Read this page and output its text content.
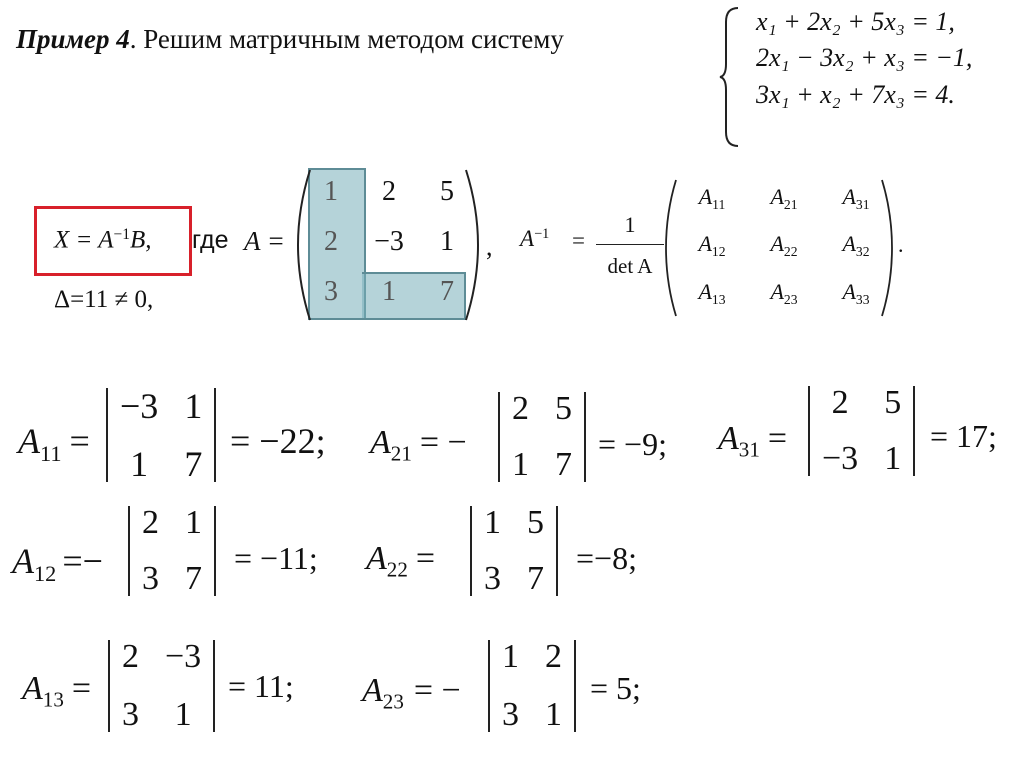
Пример 4. Решим матричным методом систему
x₁ + 2x₂ + 5x₃ = 1,
2x₁ − 3x₂ + x₃ = −1,
3x₁ + x₂ + 7x₃ = 4.
$X = A^{-1}B$, где
Δ=11 ≠ 0,
A =
1	2	5
2	−3	1
3	1	7
, $A^{-1}$ =
1
det A
.
$A_{11}$	$A_{21}$	$A_{31}$
$A_{12}$	$A_{22}$	$A_{32}$
$A_{13}$	$A_{23}$	$A_{33}$
$A_{11}$ =
−3 1
1 7
= −22; $A_{21}$ = −
2 5
1 7
= −9; $A_{31}$ =
2 5
−3 1
= 17;
$A_{12}$ =−
2 1
3 7
= −11; $A_{22}$ =
1 5
3 7
=−8;
$A_{13}$ =
2 −3
3 1
= 11; $A_{23}$ = −
1 2
3 1
= 5;
